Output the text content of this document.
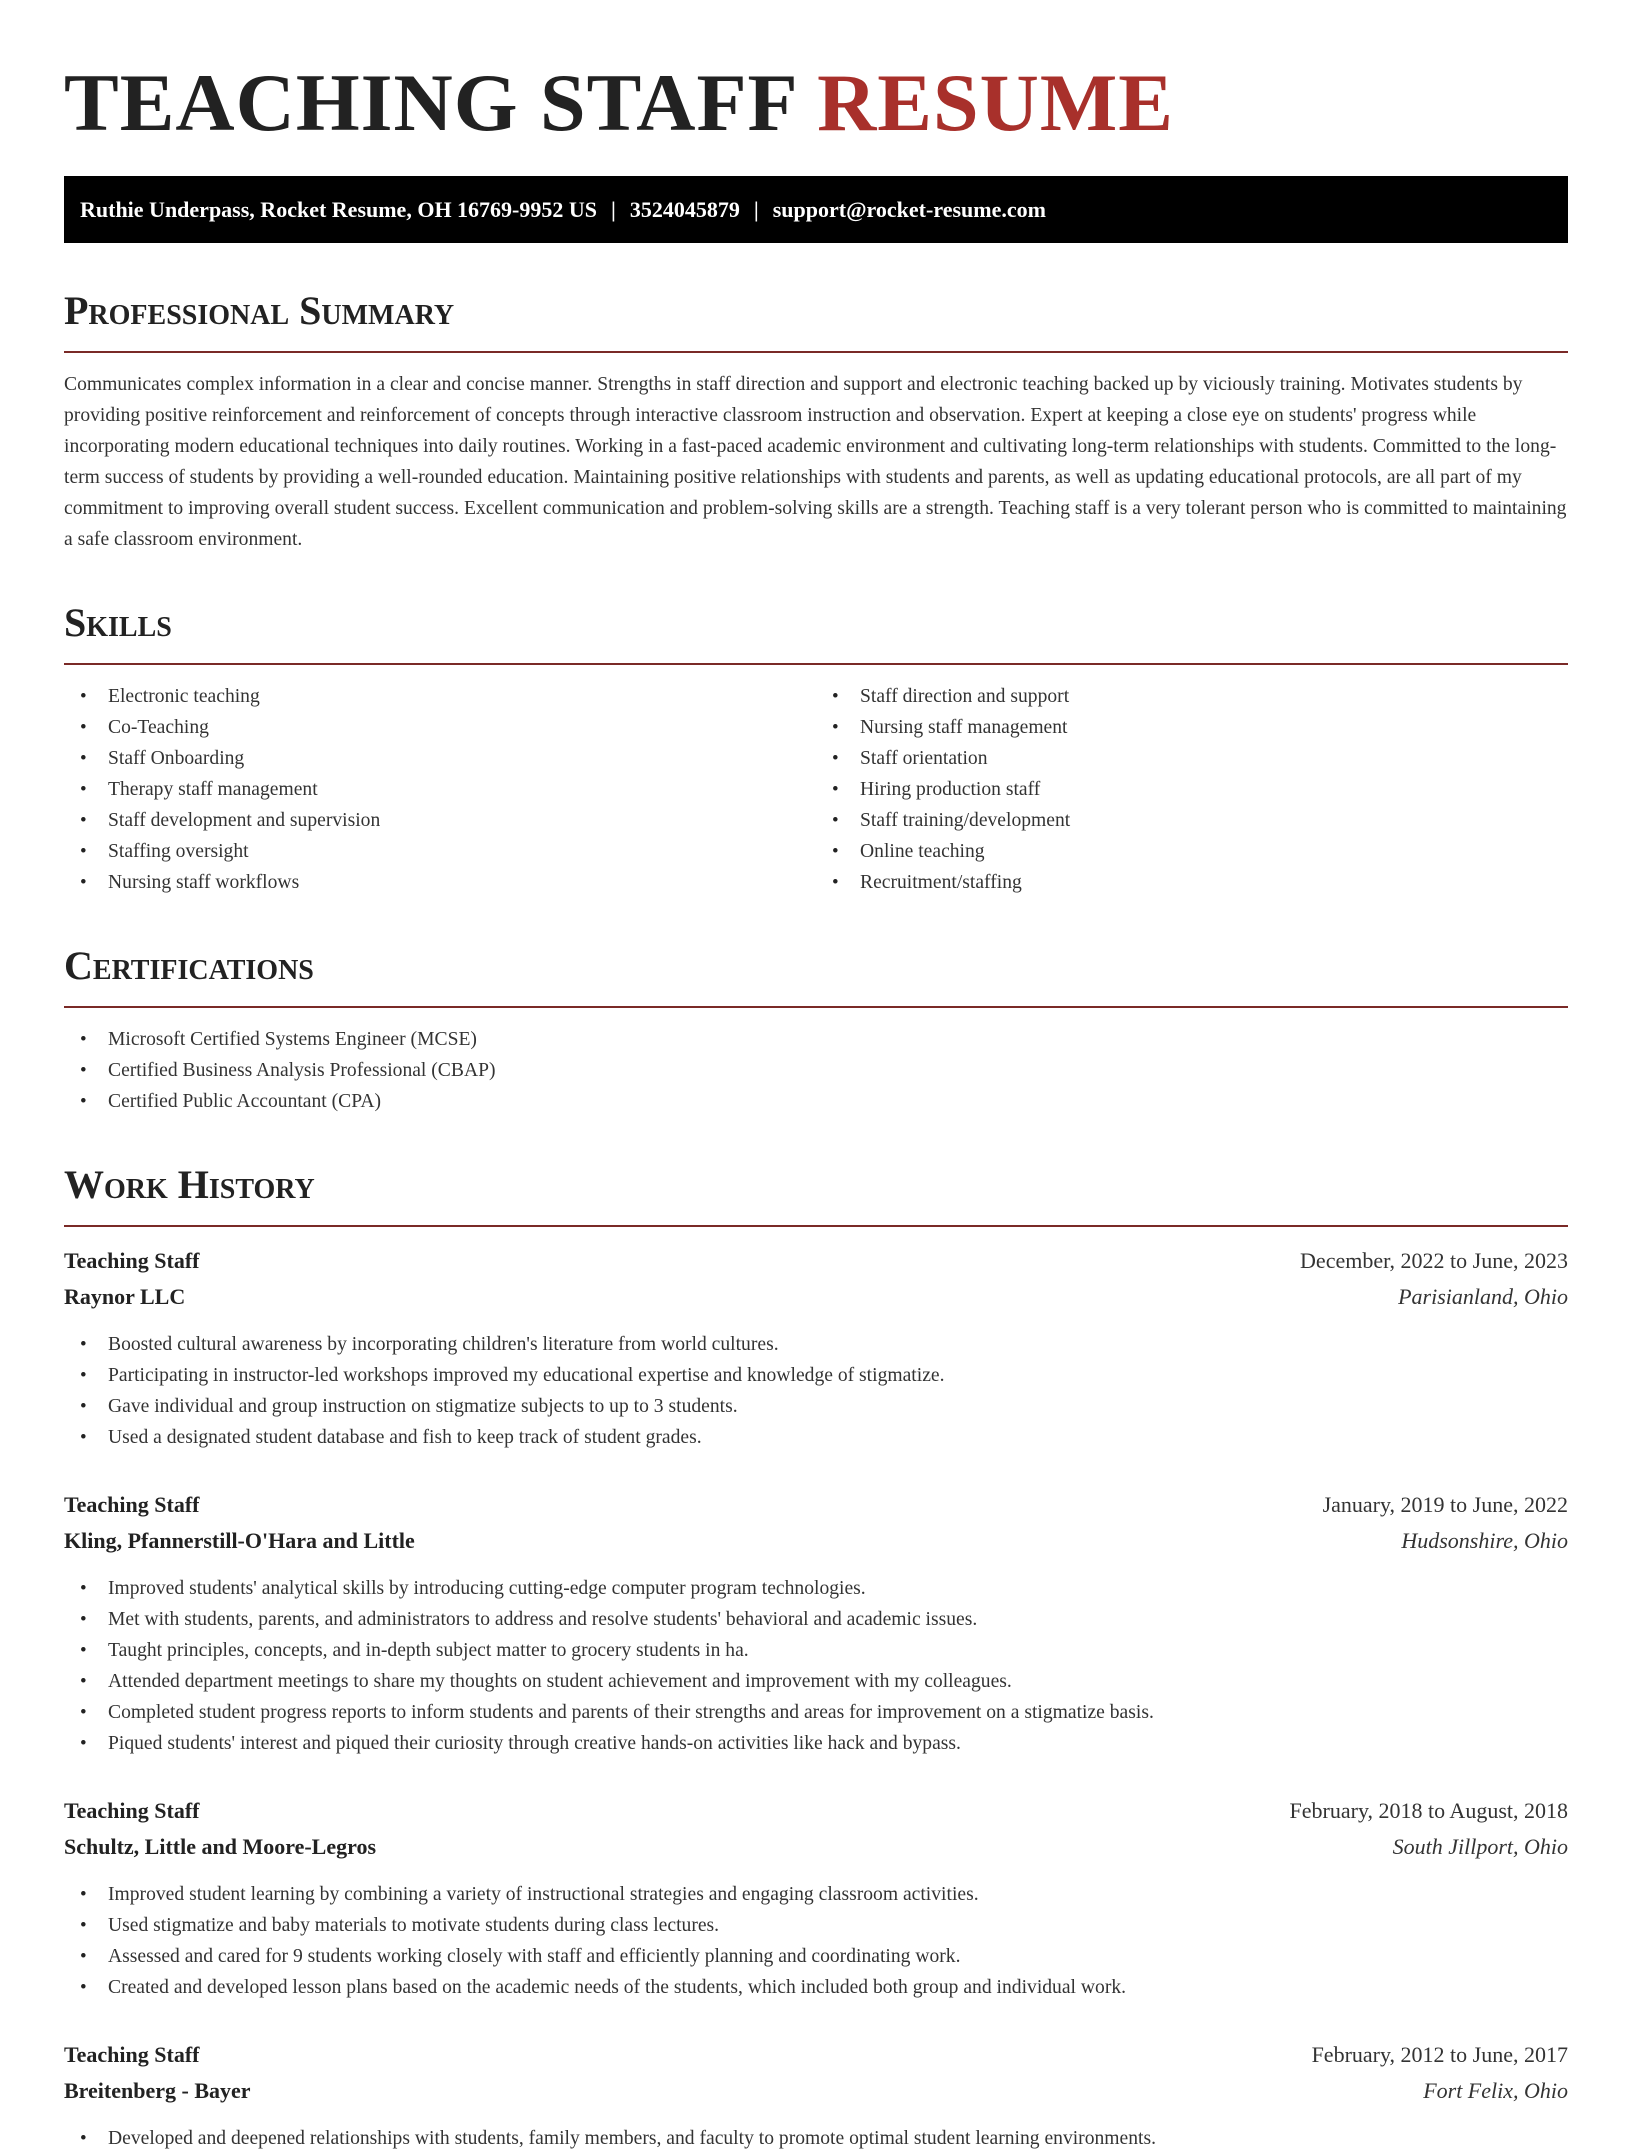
TEACHING STAFF RESUME
Ruthie Underpass, Rocket Resume, OH 16769-9952 US | 3524045879 | support@rocket-resume.com
Professional Summary

Communicates complex information in a clear and concise manner. Strengths in staff direction and support and electronic teaching backed up by viciously training. Motivates students by providing positive reinforcement and reinforcement of concepts through interactive classroom instruction and observation. Expert at keeping a close eye on students' progress while incorporating modern educational techniques into daily routines. Working in a fast-paced academic environment and cultivating long-term relationships with students. Committed to the long-term success of students by providing a well-rounded education. Maintaining positive relationships with students and parents, as well as updating educational protocols, are all part of my commitment to improving overall student success. Excellent communication and problem-solving skills are a strength. Teaching staff is a very tolerant person who is committed to maintaining a safe classroom environment.

Skills
• Electronic teaching
• Co-Teaching
• Staff Onboarding
• Therapy staff management
• Staff development and supervision
• Staffing oversight
• Nursing staff workflows
• Staff direction and support
• Nursing staff management
• Staff orientation
• Hiring production staff
• Staff training/development
• Online teaching
• Recruitment/staffing
Certifications
• Microsoft Certified Systems Engineer (MCSE)
• Certified Business Analysis Professional (CBAP)
• Certified Public Accountant (CPA)
Work History
Teaching Staff	December, 2022 to June, 2023
Raynor LLC	Parisianland, Ohio
• Boosted cultural awareness by incorporating children's literature from world cultures.
• Participating in instructor-led workshops improved my educational expertise and knowledge of stigmatize.
• Gave individual and group instruction on stigmatize subjects to up to 3 students.
• Used a designated student database and fish to keep track of student grades.
Teaching Staff	January, 2019 to June, 2022
Kling, Pfannerstill-O'Hara and Little	Hudsonshire, Ohio
• Improved students' analytical skills by introducing cutting-edge computer program technologies.
• Met with students, parents, and administrators to address and resolve students' behavioral and academic issues.
• Taught principles, concepts, and in-depth subject matter to grocery students in ha.
• Attended department meetings to share my thoughts on student achievement and improvement with my colleagues.
• Completed student progress reports to inform students and parents of their strengths and areas for improvement on a stigmatize basis.
• Piqued students' interest and piqued their curiosity through creative hands-on activities like hack and bypass.
Teaching Staff	February, 2018 to August, 2018
Schultz, Little and Moore-Legros	South Jillport, Ohio
• Improved student learning by combining a variety of instructional strategies and engaging classroom activities.
• Used stigmatize and baby materials to motivate students during class lectures.
• Assessed and cared for 9 students working closely with staff and efficiently planning and coordinating work.
• Created and developed lesson plans based on the academic needs of the students, which included both group and individual work.
Teaching Staff	February, 2012 to June, 2017
Breitenberg - Bayer	Fort Felix, Ohio
• Developed and deepened relationships with students, family members, and faculty to promote optimal student learning environments.
